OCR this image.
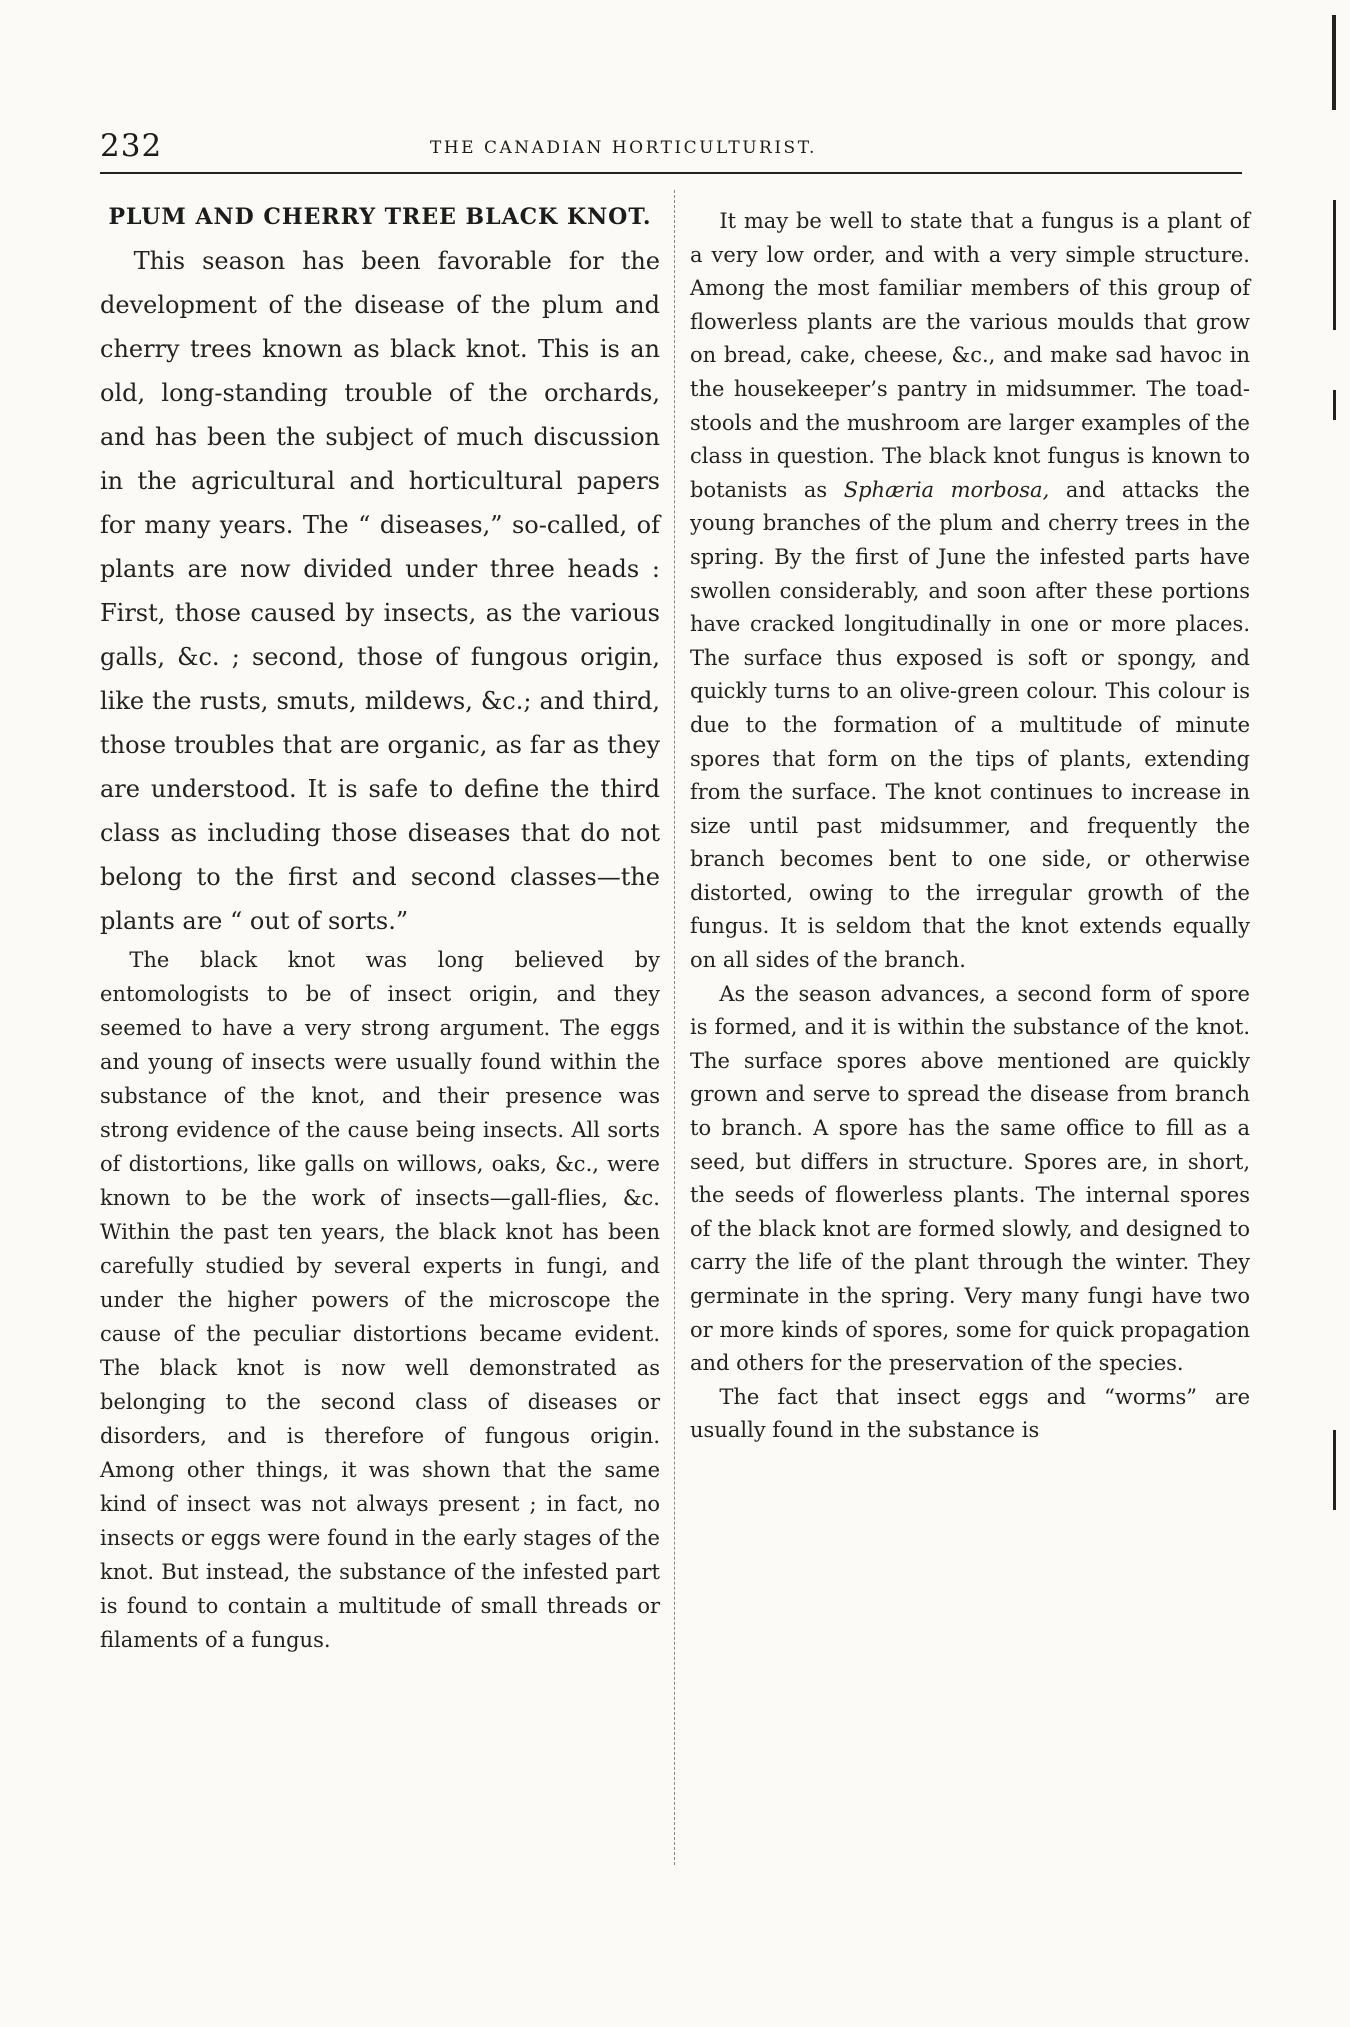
232	THE CANADIAN HORTICULTURIST.
PLUM AND CHERRY TREE BLACK KNOT.

This season has been favorable for the development of the disease of the plum and cherry trees known as black knot. This is an old, long-standing trouble of the orchards, and has been the subject of much discussion in the agricultural and horticultural papers for many years. The “ diseases,” so-called, of plants are now divided under three heads : First, those caused by insects, as the various galls, &c. ; second, those of fungous origin, like the rusts, smuts, mildews, &c.; and third, those troubles that are organic, as far as they are understood. It is safe to define the third class as including those diseases that do not belong to the first and second classes—the plants are “ out of sorts.”

The black knot was long believed by entomologists to be of insect origin, and they seemed to have a very strong argument. The eggs and young of insects were usually found within the substance of the knot, and their presence was strong evidence of the cause being insects. All sorts of distortions, like galls on willows, oaks, &c., were known to be the work of insects—gall-flies, &c. Within the past ten years, the black knot has been carefully studied by several experts in fungi, and under the higher powers of the microscope the cause of the peculiar distortions became evident. The black knot is now well demonstrated as belonging to the second class of diseases or disorders, and is therefore of fungous origin. Among other things, it was shown that the same kind of insect was not always present ; in fact, no insects or eggs were found in the early stages of the knot. But instead, the substance of the infested part is found to contain a multitude of small threads or filaments of a fungus.

It may be well to state that a fungus is a plant of a very low order, and with a very simple structure. Among the most familiar members of this group of flowerless plants are the various moulds that grow on bread, cake, cheese, &c., and make sad havoc in the housekeeper’s pantry in midsummer. The toad-stools and the mushroom are larger examples of the class in question. The black knot fungus is known to botanists as Sphæria morbosa, and attacks the young branches of the plum and cherry trees in the spring. By the first of June the infested parts have swollen considerably, and soon after these portions have cracked longitudinally in one or more places. The surface thus exposed is soft or spongy, and quickly turns to an olive-green colour. This colour is due to the formation of a multitude of minute spores that form on the tips of plants, extending from the surface. The knot continues to increase in size until past midsummer, and frequently the branch becomes bent to one side, or otherwise distorted, owing to the irregular growth of the fungus. It is seldom that the knot extends equally on all sides of the branch.

As the season advances, a second form of spore is formed, and it is within the substance of the knot. The surface spores above mentioned are quickly grown and serve to spread the disease from branch to branch. A spore has the same office to fill as a seed, but differs in structure. Spores are, in short, the seeds of flowerless plants. The internal spores of the black knot are formed slowly, and designed to carry the life of the plant through the winter. They germinate in the spring. Very many fungi have two or more kinds of spores, some for quick propagation and others for the preservation of the species.

The fact that insect eggs and “worms” are usually found in the substance is
